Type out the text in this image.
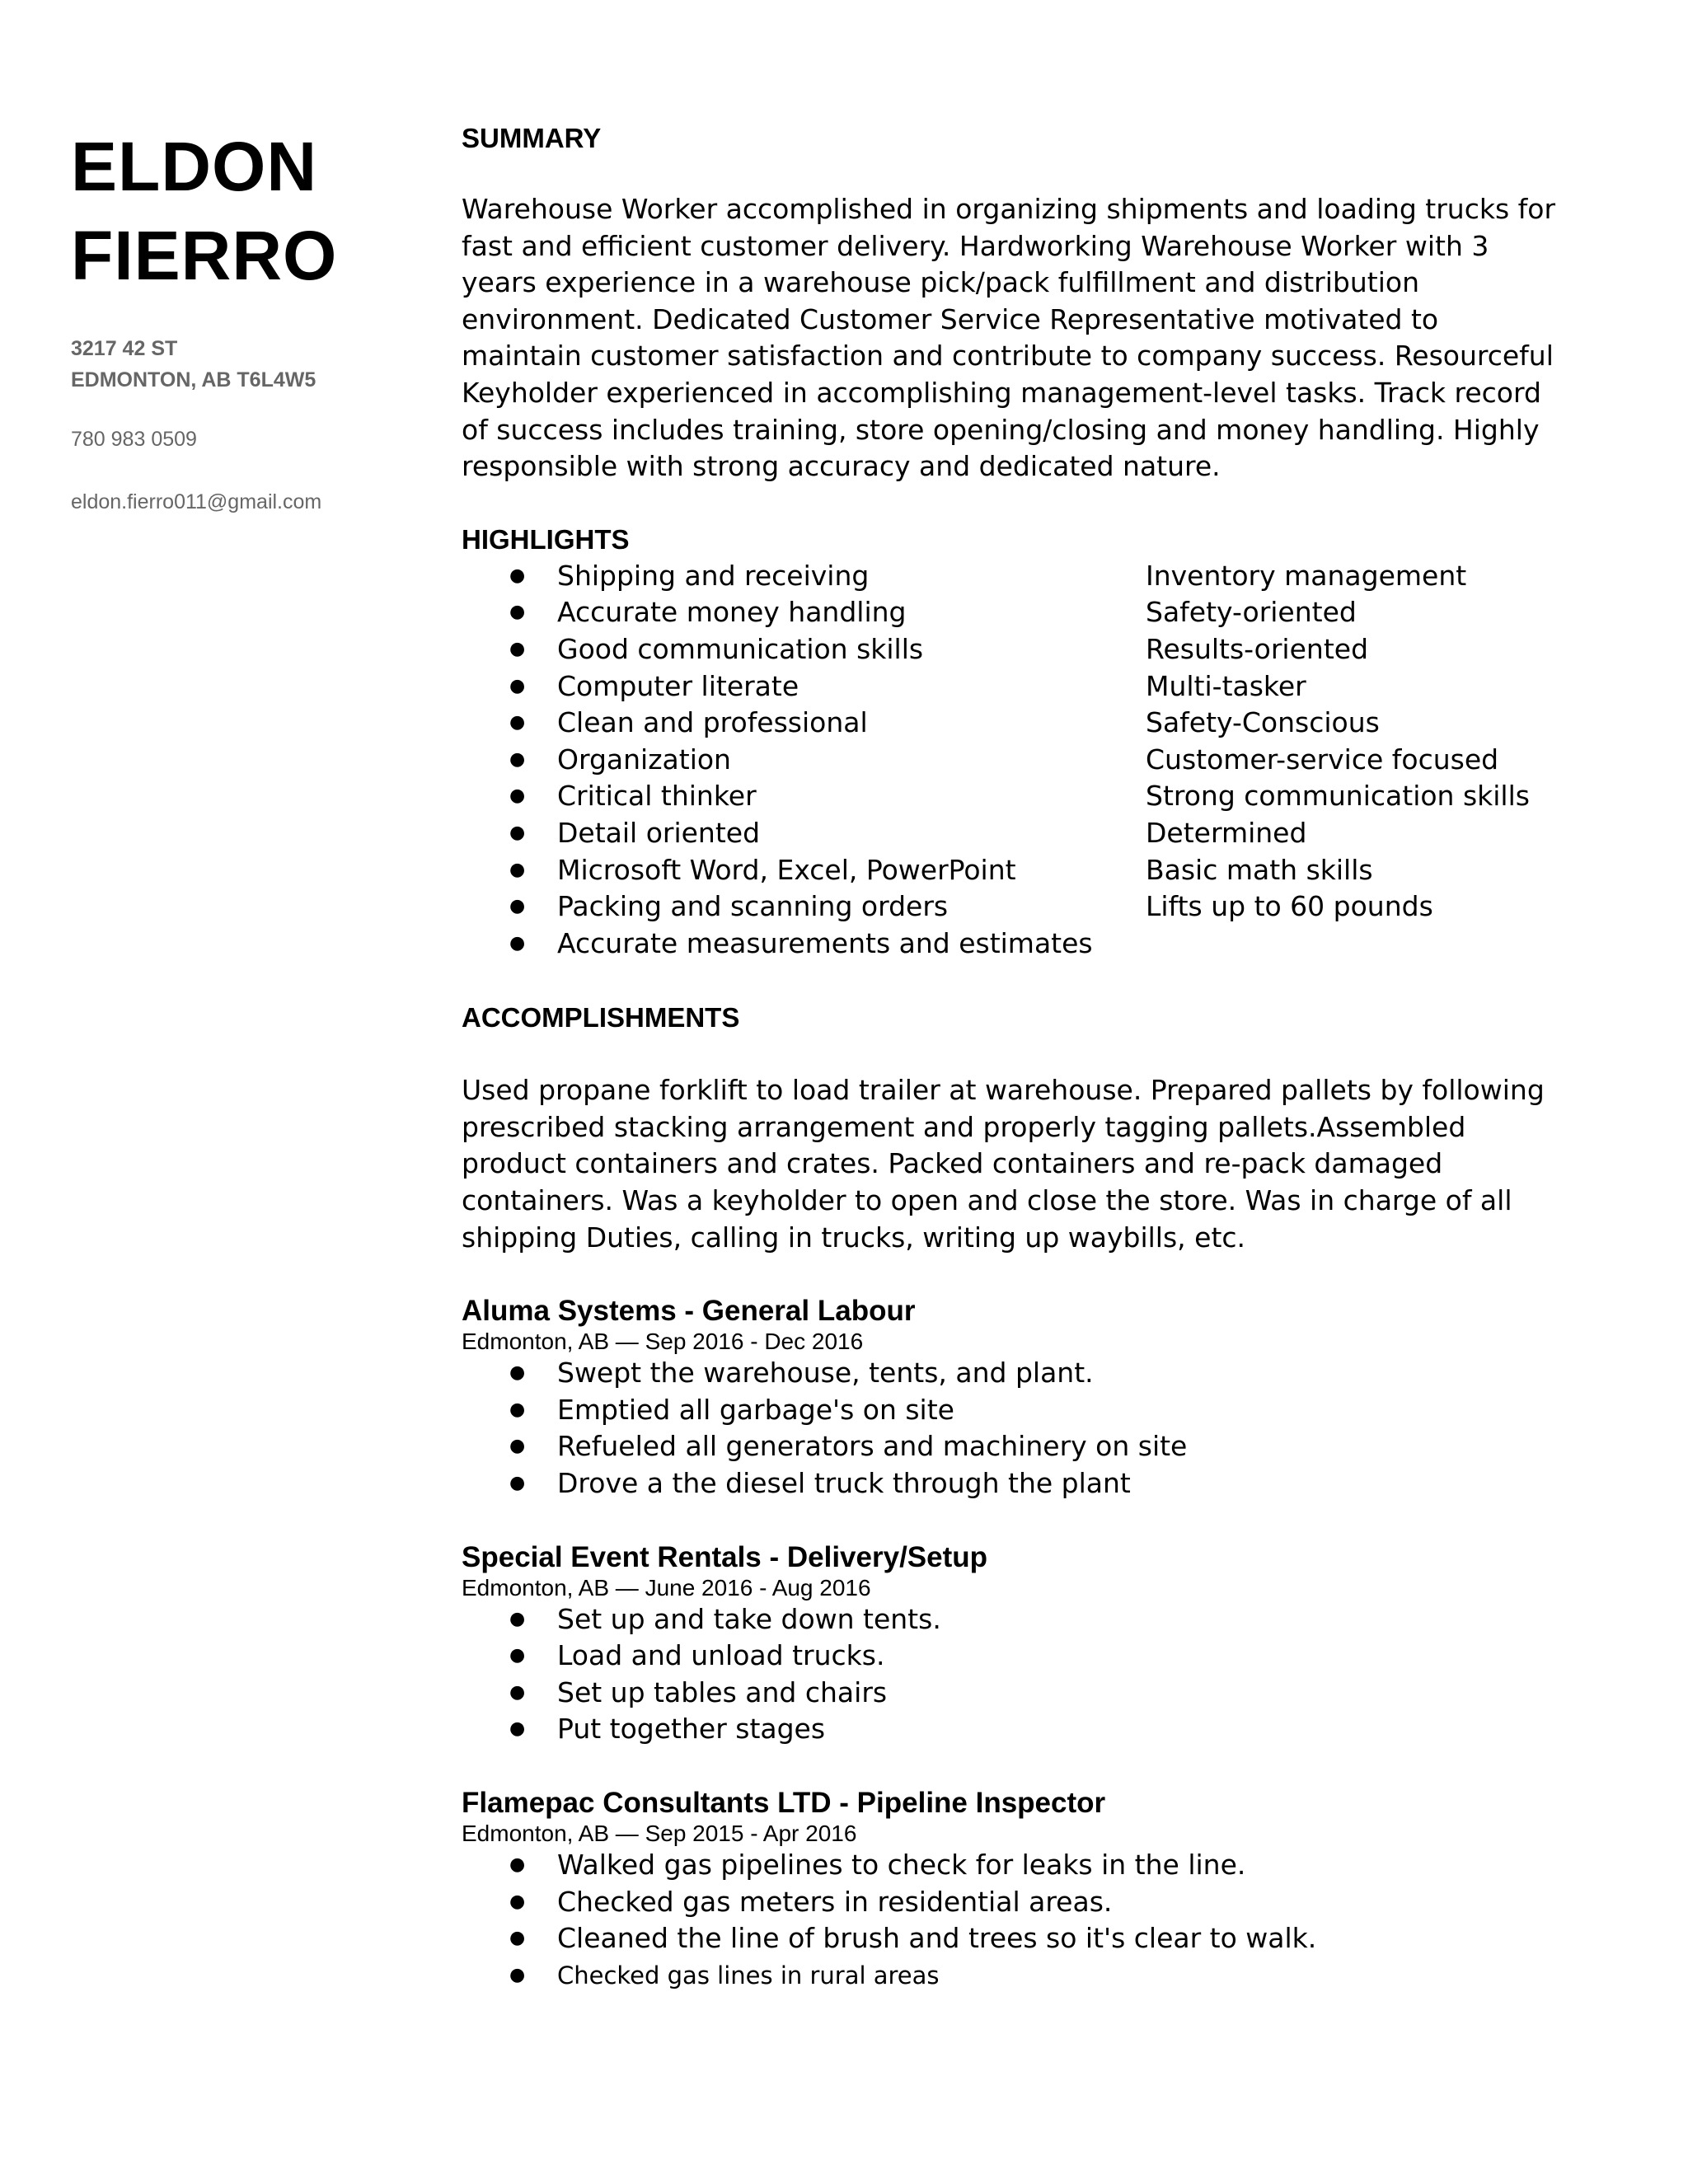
ELDON

FIERRO

3217 42 ST
EDMONTON, AB T6L4W5
780 983 0509
eldon.fierro011@gmail.com
SUMMARY

Warehouse Worker accomplished in organizing shipments and loading trucks for fast and efficient customer delivery. Hardworking Warehouse Worker with 3 years experience in a warehouse pick/pack fulfillment and distribution environment. Dedicated Customer Service Representative motivated to maintain customer satisfaction and contribute to company success. Resourceful Keyholder experienced in accomplishing management-level tasks. Track record of success includes training, store opening/closing and money handling. Highly responsible with strong accuracy and dedicated nature.

HIGHLIGHTS
● Shipping and receiving
● Accurate money handling
● Good communication skills
● Computer literate
● Clean and professional
● Organization
● Critical thinker
● Detail oriented
● Microsoft Word, Excel, PowerPoint
● Packing and scanning orders
● Accurate measurements and estimates
Inventory management
Safety-oriented
Results-oriented
Multi-tasker
Safety-Conscious
Customer-service focused
Strong communication skills
Determined
Basic math skills
Lifts up to 60 pounds
ACCOMPLISHMENTS

Used propane forklift to load trailer at warehouse. Prepared pallets by following prescribed stacking arrangement and properly tagging pallets.Assembled product containers and crates. Packed containers and re-pack damaged containers. Was a keyholder to open and close the store. Was in charge of all shipping Duties, calling in trucks, writing up waybills, etc.

Aluma Systems - General Labour

Edmonton, AB — Sep 2016 - Dec 2016

● Swept the warehouse, tents, and plant.
● Emptied all garbage's on site
● Refueled all generators and machinery on site
● Drove a the diesel truck through the plant

Special Event Rentals - Delivery/Setup

Edmonton, AB — June 2016 - Aug 2016

● Set up and take down tents.
● Load and unload trucks.
● Set up tables and chairs
● Put together stages

Flamepac Consultants LTD - Pipeline Inspector

Edmonton, AB — Sep 2015 - Apr 2016

● Walked gas pipelines to check for leaks in the line.
● Checked gas meters in residential areas.
● Cleaned the line of brush and trees so it's clear to walk.
● Checked gas lines in rural areas
